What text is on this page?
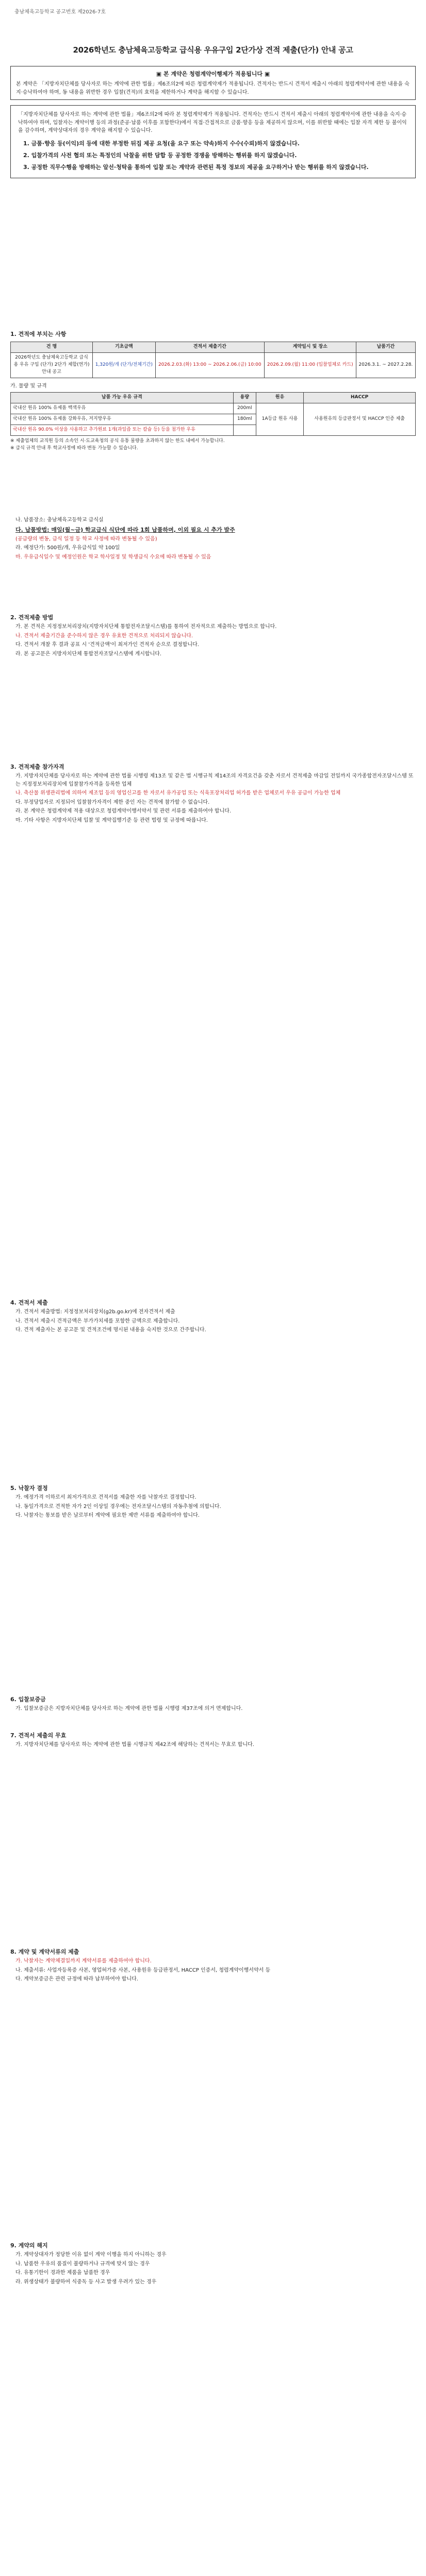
충남체육고등학교 공고번호 제2026-7호
2026학년도 충남체육고등학교 급식용 우유구입 2단가상 견적 제출(단가) 안내 공고
▣ 본 계약은 청렴계약이행제가 적용됩니다 ▣
본 계약은 「지방자치단체를 당사자로 하는 계약에 관한 법률」제6조의2에 따른 청렴계약제가 적용됩니다. 견적자는 반드시 견적서 제출시 아래의 청렴계약서에 관한 내용을 숙지·승낙하여야 하며, 동 내용을 위반한 경우 입찰(견적)의 효력을 제한하거나 계약을 해지할 수 있습니다.
「지방자치단체를 당사자로 하는 계약에 관한 법률」제6조의2에 따라 본 청렴계약제가 적용됩니다. 견적자는 반드시 견적서 제출시 아래의 청렴계약서에 관한 내용을 숙지·승낙하여야 하며, 입찰자는 계약이행 등의 과정(준공·납품 이후를 포함한다)에서 직접·간접적으로 금품·향응 등을 제공하지 않으며, 이를 위반할 때에는 입찰 자격 제한 등 불이익을 감수하며, 계약상대자의 경우 계약을 해지할 수 있습니다.
1. 금품·향응 등(이익)의 등에 대한 부정한 뒤집 제공 요청(을 요구 또는 약속)하지 수수(수뢰)하지 않겠습니다.
2. 입찰가격의 사전 협의 또는 특정인의 낙찰을 위한 담합 등 공정한 경쟁을 방해하는 행위를 하지 않겠습니다.
3. 공정한 직무수행을 방해하는 알선·청탁을 통하여 입찰 또는 계약과 관련된 특정 정보의 제공을 요구하거나 받는 행위를 하지 않겠습니다.
1. 견적에 부치는 사항
건 명	기초금액	견적서 제출기간	계약일시 및 장소	납품기간
2026학년도 충남체육고등학교 급식용 우유 구입 (단가) 2단가 제합(연가) 안내 공고	1,320원/개 (단가/전체기간)	2026.2.03.(화) 13:00 ~ 2026.2.06.(금) 10:00	2026.2.09.(월) 11:00 (입찰업체로 카드)	2026.3.1. ~ 2027.2.28.
가. 물량 및 규격
납품 가능 우유 규격	용량	원유	HACCP
국내산 원유 100% 유제품 백색우유	200ml	1A등급 원유 사용	사용원유의 등급판정서 및 HACCP 인증 제출
국내산 원유 100% 유제품 강화우유, 저지방우유	180ml		
국내산 원유 90.0% 이상을 사용하고 추가원료 1개(과일즙 또는 칼슘 등) 등을 첨가한 우유			
※ 제출업체의 교직원 등의 소속인 시·도교육청의 공식 유통 물량을 초과하지 않는 한도 내에서 가능합니다.
※ 급식 규격 안내 후 학교사정에 따라 변동 가능할 수 있습니다.
나. 납품장소: 충남체육고등학교 급식실
다. 납품방법: 매일(월~금) 학교급식 식단에 따라 1회 납품하며, 이외 필요 시 추가 발주
(공급량의 변동, 급식 일정 등 학교 사정에 따라 변동될 수 있음)
라. 예정단가: 500원/개, 우유급식일 약 100일
마. 우유급식일수 및 예정인원은 학교 학사일정 및 학생급식 수요에 따라 변동될 수 있음
2. 견적제출 방법
가. 본 견적은 지정정보처리장치(지방자치단체 통합전자조달시스템)를 통하여 전자적으로 제출하는 방법으로 합니다.
나. 견적서 제출기간을 준수하지 않은 경우 유효한 견적으로 처리되지 않습니다.
다. 견적서 개찰 후 결과 공표 시 '견적금액'이 최저가인 견적자 순으로 결정합니다.
라. 본 공고문은 지방자치단체 통합전자조달시스템에 게시합니다.
3. 견적제출 참가자격
가. 지방자치단체를 당사자로 하는 계약에 관한 법률 시행령 제13조 및 같은 법 시행규칙 제14조의 자격요건을 갖춘 자로서 견적제출 마감일 전일까지 국가종합전자조달시스템 또는 지정정보처리장치에 입찰참가자격을 등록한 업체
나. 축산물 위생관리법에 의하여 제조업 등의 영업신고를 한 자로서 유가공업 또는 식육포장처리업 허가를 받은 업체로서 우유 공급이 가능한 업체
다. 부정당업자로 지정되어 입찰참가자격이 제한 중인 자는 견적에 참가할 수 없습니다.
라. 본 계약은 청렴계약제 적용 대상으로 청렴계약이행서약서 및 관련 서류를 제출하여야 합니다.
마. 기타 사항은 지방자치단체 입찰 및 계약집행기준 등 관련 법령 및 규정에 따릅니다.
4. 견적서 제출
가. 견적서 제출방법: 지정정보처리장치(g2b.go.kr)에 전자견적서 제출
나. 견적서 제출시 견적금액은 부가가치세를 포함한 금액으로 제출합니다.
다. 견적 제출자는 본 공고문 및 견적조건에 명시된 내용을 숙지한 것으로 간주합니다.
5. 낙찰자 결정
가. 예정가격 이하로서 최저가격으로 견적서를 제출한 자를 낙찰자로 결정합니다.
나. 동일가격으로 견적한 자가 2인 이상일 경우에는 전자조달시스템의 자동추첨에 의합니다.
다. 낙찰자는 통보를 받은 날로부터 계약에 필요한 제반 서류를 제출하여야 합니다.
6. 입찰보증금
가. 입찰보증금은 지방자치단체를 당사자로 하는 계약에 관한 법률 시행령 제37조에 의거 면제합니다.
7. 견적서 제출의 무효
가. 지방자치단체를 당사자로 하는 계약에 관한 법률 시행규칙 제42조에 해당하는 견적서는 무효로 합니다.
8. 계약 및 계약서류의 제출
가. 낙찰자는 계약체결일까지 계약서류를 제출하여야 합니다.
나. 제출서류: 사업자등록증 사본, 영업허가증 사본, 사용원유 등급판정서, HACCP 인증서, 청렴계약이행서약서 등
다. 계약보증금은 관련 규정에 따라 납부하여야 합니다.
9. 계약의 해지
가. 계약상대자가 정당한 이유 없이 계약 이행을 하지 아니하는 경우
나. 납품한 우유의 품질이 불량하거나 규격에 맞지 않는 경우
다. 유통기한이 경과한 제품을 납품한 경우
라. 위생상태가 불량하여 식중독 등 사고 발생 우려가 있는 경우
